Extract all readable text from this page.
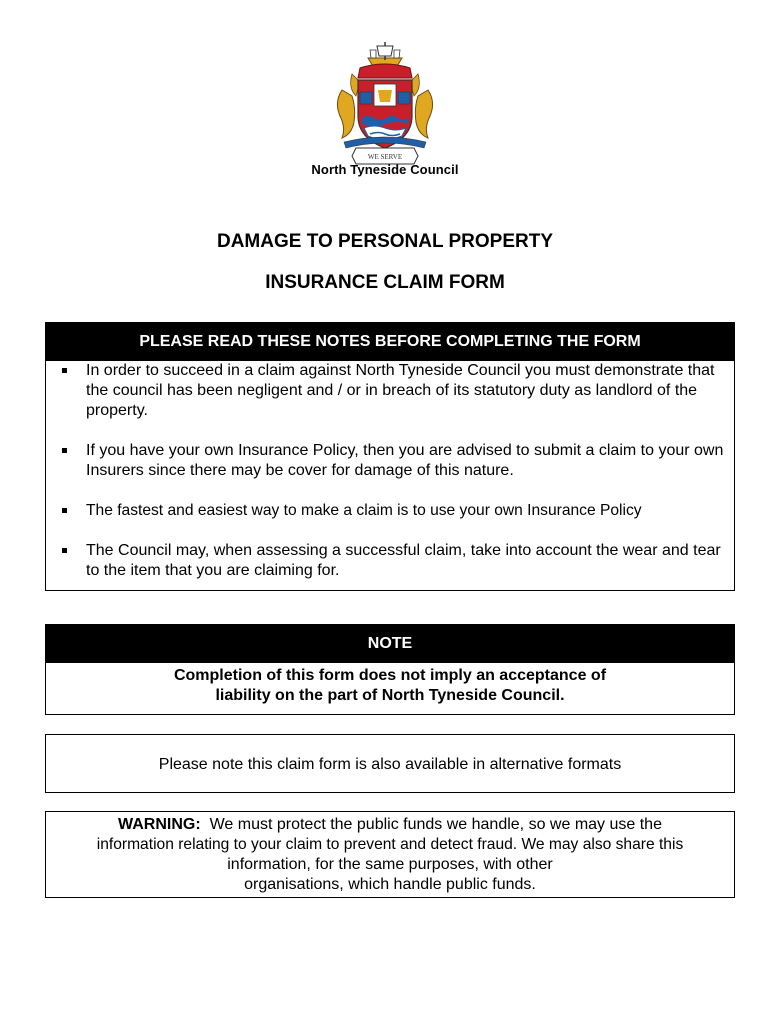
WE SERVE
North Tyneside Council
DAMAGE TO PERSONAL PROPERTY
INSURANCE CLAIM FORM
PLEASE READ THESE NOTES BEFORE COMPLETING THE FORM
In order to succeed in a claim against North Tyneside Council you must demonstrate that the council has been negligent and / or in breach of its statutory duty as landlord of the property.
If you have your own Insurance Policy, then you are advised to submit a claim to your own Insurers since there may be cover for damage of this nature.
The fastest and easiest way to make a claim is to use your own Insurance Policy
The Council may, when assessing a successful claim, take into account the wear and tear to the item that you are claiming for.
NOTE
Completion of this form does not imply an acceptance of
liability on the part of North Tyneside Council.
Please note this claim form is also available in alternative formats
WARNING: We must protect the public funds we handle, so we may use the
information relating to your claim to prevent and detect fraud. We may also share this
information, for the same purposes, with other
organisations, which handle public funds.
